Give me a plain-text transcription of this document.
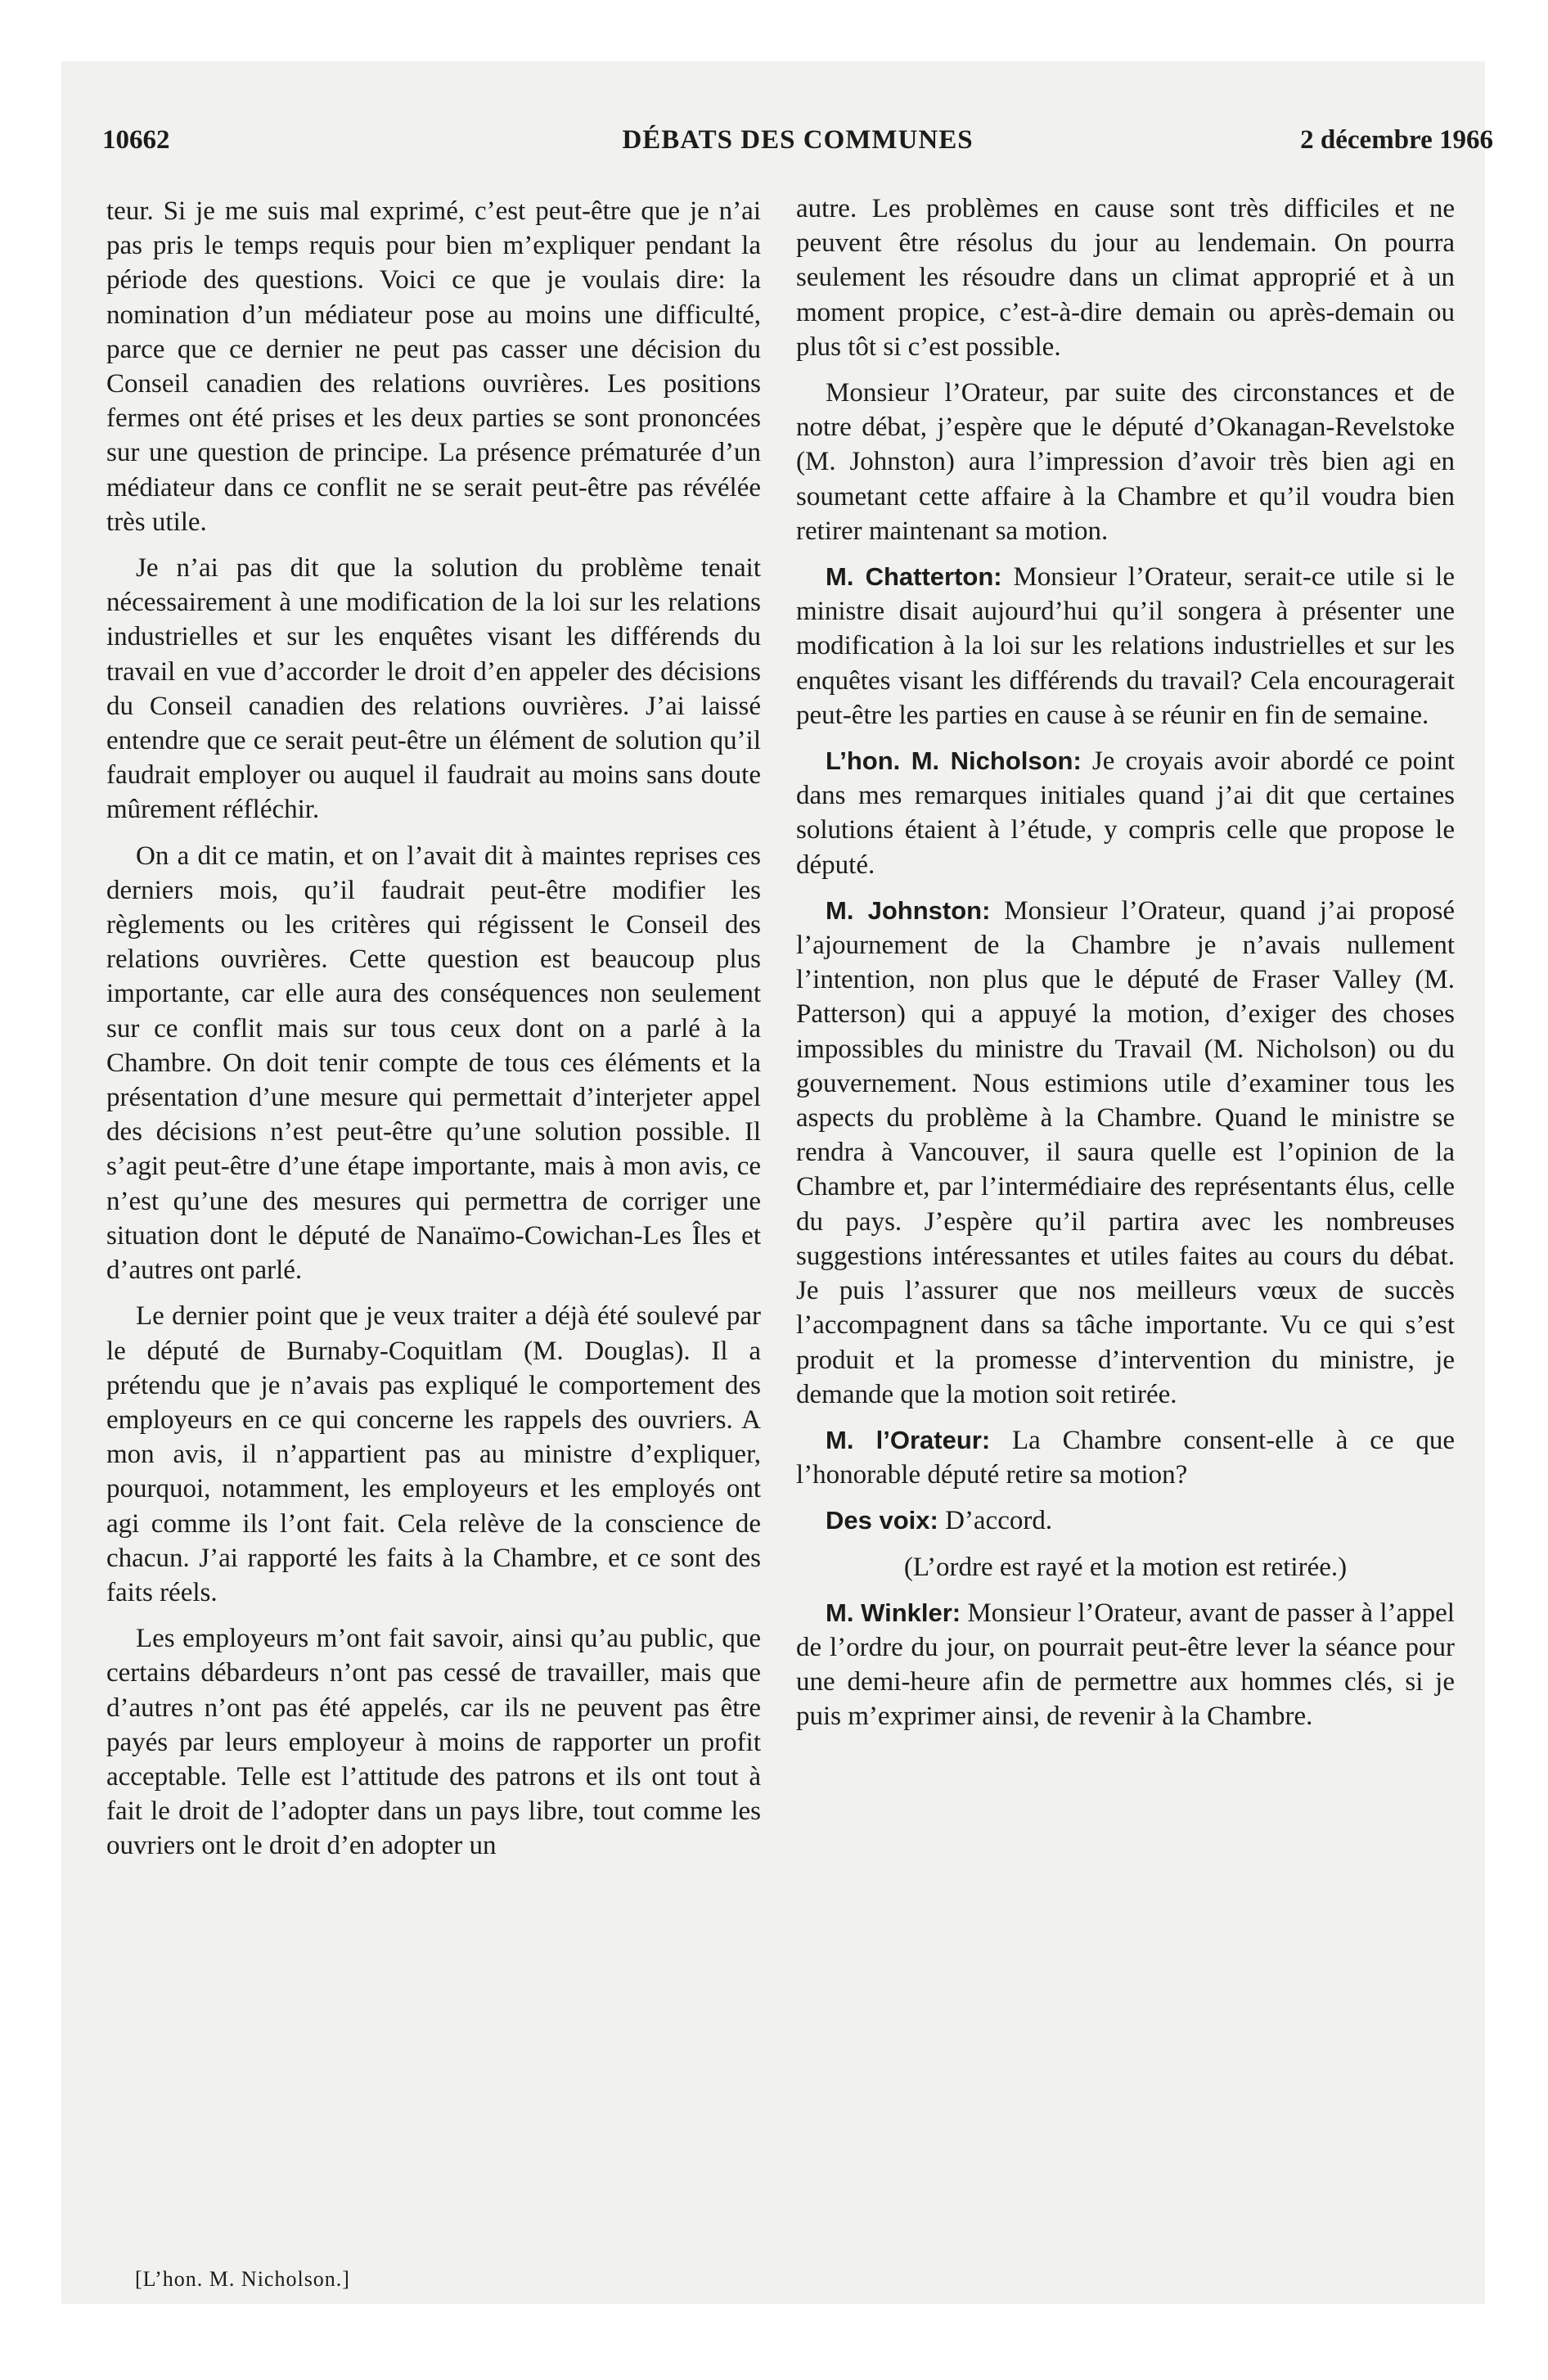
10662	DÉBATS DES COMMUNES	2 décembre 1966

teur. Si je me suis mal exprimé, c’est peut-être que je n’ai pas pris le temps requis pour bien m’expliquer pendant la période des questions. Voici ce que je voulais dire: la nomination d’un médiateur pose au moins une difficulté, parce que ce dernier ne peut pas casser une décision du Conseil canadien des relations ouvrières. Les positions fermes ont été prises et les deux parties se sont prononcées sur une question de principe. La présence prématurée d’un médiateur dans ce conflit ne se serait peut-être pas révélée très utile.

Je n’ai pas dit que la solution du problème tenait nécessairement à une modification de la loi sur les relations industrielles et sur les enquêtes visant les différends du travail en vue d’accorder le droit d’en appeler des décisions du Conseil canadien des relations ouvrières. J’ai laissé entendre que ce serait peut-être un élément de solution qu’il faudrait employer ou auquel il faudrait au moins sans doute mûrement réfléchir.

On a dit ce matin, et on l’avait dit à maintes reprises ces derniers mois, qu’il faudrait peut-être modifier les règlements ou les critères qui régissent le Conseil des relations ouvrières. Cette question est beaucoup plus importante, car elle aura des conséquences non seulement sur ce conflit mais sur tous ceux dont on a parlé à la Chambre. On doit tenir compte de tous ces éléments et la présentation d’une mesure qui permettait d’interjeter appel des décisions n’est peut-être qu’une solution possible. Il s’agit peut-être d’une étape importante, mais à mon avis, ce n’est qu’une des mesures qui permettra de corriger une situation dont le député de Nanaïmo-Cowichan-Les Îles et d’autres ont parlé.

Le dernier point que je veux traiter a déjà été soulevé par le député de Burnaby-Coquitlam (M. Douglas). Il a prétendu que je n’avais pas expliqué le comportement des employeurs en ce qui concerne les rappels des ouvriers. A mon avis, il n’appartient pas au ministre d’expliquer, pourquoi, notamment, les employeurs et les employés ont agi comme ils l’ont fait. Cela relève de la conscience de chacun. J’ai rapporté les faits à la Chambre, et ce sont des faits réels.

Les employeurs m’ont fait savoir, ainsi qu’au public, que certains débardeurs n’ont pas cessé de travailler, mais que d’autres n’ont pas été appelés, car ils ne peuvent pas être payés par leurs employeur à moins de rapporter un profit acceptable. Telle est l’attitude des patrons et ils ont tout à fait le droit de l’adopter dans un pays libre, tout comme les ouvriers ont le droit d’en adopter un

autre. Les problèmes en cause sont très difficiles et ne peuvent être résolus du jour au lendemain. On pourra seulement les résoudre dans un climat approprié et à un moment propice, c’est-à-dire demain ou après-demain ou plus tôt si c’est possible.

Monsieur l’Orateur, par suite des circonstances et de notre débat, j’espère que le député d’Okanagan-Revelstoke (M. Johnston) aura l’impression d’avoir très bien agi en soumetant cette affaire à la Chambre et qu’il voudra bien retirer maintenant sa motion.

M. Chatterton: Monsieur l’Orateur, serait-ce utile si le ministre disait aujourd’hui qu’il songera à présenter une modification à la loi sur les relations industrielles et sur les enquêtes visant les différends du travail? Cela encouragerait peut-être les parties en cause à se réunir en fin de semaine.

L’hon. M. Nicholson: Je croyais avoir abordé ce point dans mes remarques initiales quand j’ai dit que certaines solutions étaient à l’étude, y compris celle que propose le député.

M. Johnston: Monsieur l’Orateur, quand j’ai proposé l’ajournement de la Chambre je n’avais nullement l’intention, non plus que le député de Fraser Valley (M. Patterson) qui a appuyé la motion, d’exiger des choses impossibles du ministre du Travail (M. Nicholson) ou du gouvernement. Nous estimions utile d’examiner tous les aspects du problème à la Chambre. Quand le ministre se rendra à Vancouver, il saura quelle est l’opinion de la Chambre et, par l’intermédiaire des représentants élus, celle du pays. J’espère qu’il partira avec les nombreuses suggestions intéressantes et utiles faites au cours du débat. Je puis l’assurer que nos meilleurs vœux de succès l’accompagnent dans sa tâche importante. Vu ce qui s’est produit et la promesse d’intervention du ministre, je demande que la motion soit retirée.

M. l’Orateur: La Chambre consent-elle à ce que l’honorable député retire sa motion?

Des voix: D’accord.

(L’ordre est rayé et la motion est retirée.)

M. Winkler: Monsieur l’Orateur, avant de passer à l’appel de l’ordre du jour, on pourrait peut-être lever la séance pour une demi-heure afin de permettre aux hommes clés, si je puis m’exprimer ainsi, de revenir à la Chambre.

[L’hon. M. Nicholson.]
